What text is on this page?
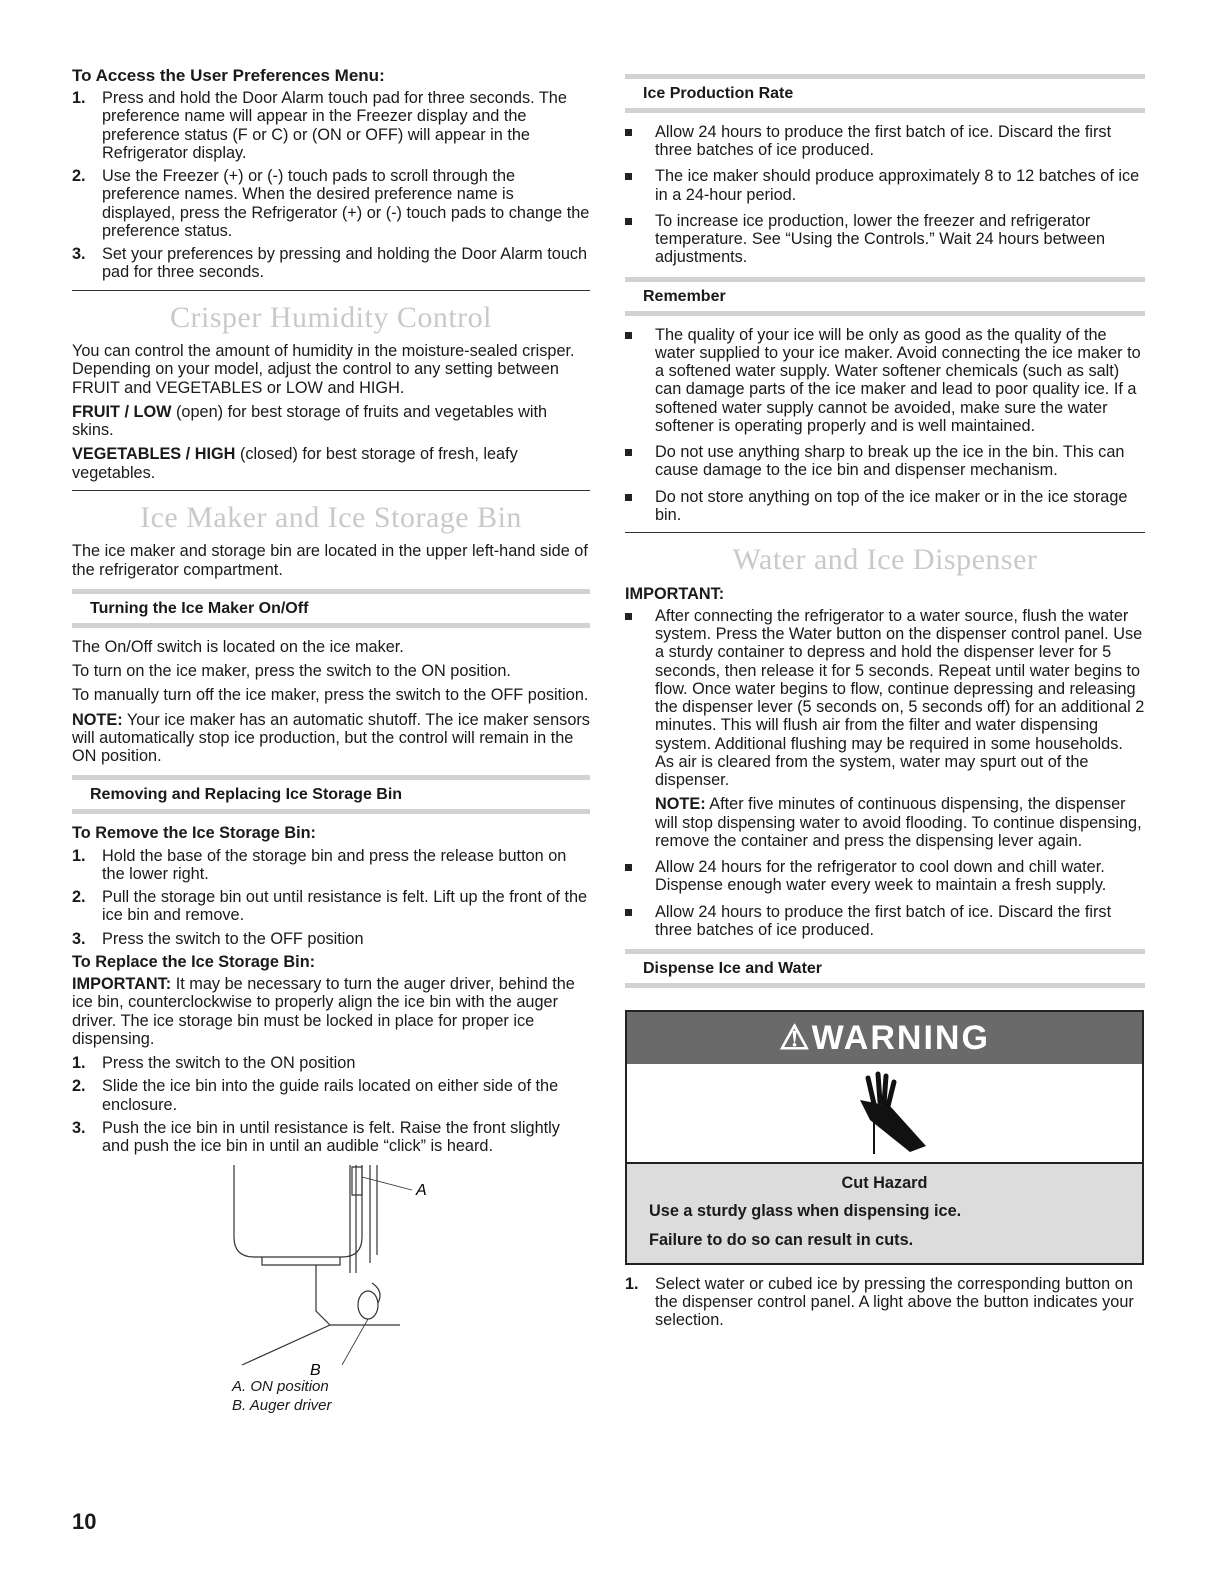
To Access the User Preferences Menu:
1. Press and hold the Door Alarm touch pad for three seconds. The preference name will appear in the Freezer display and the preference status (F or C) or (ON or OFF) will appear in the Refrigerator display.
2. Use the Freezer (+) or (-) touch pads to scroll through the preference names. When the desired preference name is displayed, press the Refrigerator (+) or (-) touch pads to change the preference status.
3. Set your preferences by pressing and holding the Door Alarm touch pad for three seconds.
Crisper Humidity Control

You can control the amount of humidity in the moisture-sealed crisper. Depending on your model, adjust the control to any setting between FRUIT and VEGETABLES or LOW and HIGH.

FRUIT / LOW (open) for best storage of fruits and vegetables with skins.

VEGETABLES / HIGH (closed) for best storage of fresh, leafy vegetables.

Ice Maker and Ice Storage Bin

The ice maker and storage bin are located in the upper left-hand side of the refrigerator compartment.

Turning the Ice Maker On/Off

The On/Off switch is located on the ice maker.

To turn on the ice maker, press the switch to the ON position.

To manually turn off the ice maker, press the switch to the OFF position.

NOTE: Your ice maker has an automatic shutoff. The ice maker sensors will automatically stop ice production, but the control will remain in the ON position.

Removing and Replacing Ice Storage Bin
To Remove the Ice Storage Bin:
1. Hold the base of the storage bin and press the release button on the lower right.
2. Pull the storage bin out until resistance is felt. Lift up the front of the ice bin and remove.
3. Press the switch to the OFF position
To Replace the Ice Storage Bin:

IMPORTANT: It may be necessary to turn the auger driver, behind the ice bin, counterclockwise to properly align the ice bin with the auger driver. The ice storage bin must be locked in place for proper ice dispensing.

1. Press the switch to the ON position
2. Slide the ice bin into the guide rails located on either side of the enclosure.
3. Push the ice bin in until resistance is felt. Raise the front slightly and push the ice bin in until an audible “click” is heard.
A
B
A. ON position
B. Auger driver
Ice Production Rate
Allow 24 hours to produce the first batch of ice. Discard the first three batches of ice produced.
The ice maker should produce approximately 8 to 12 batches of ice in a 24-hour period.
To increase ice production, lower the freezer and refrigerator temperature. See “Using the Controls.” Wait 24 hours between adjustments.
Remember
The quality of your ice will be only as good as the quality of the water supplied to your ice maker. Avoid connecting the ice maker to a softened water supply. Water softener chemicals (such as salt) can damage parts of the ice maker and lead to poor quality ice. If a softened water supply cannot be avoided, make sure the water softener is operating properly and is well maintained.
Do not use anything sharp to break up the ice in the bin. This can cause damage to the ice bin and dispenser mechanism.
Do not store anything on top of the ice maker or in the ice storage bin.
Water and Ice Dispenser
IMPORTANT:
After connecting the refrigerator to a water source, flush the water system. Press the Water button on the dispenser control panel. Use a sturdy container to depress and hold the dispenser lever for 5 seconds, then release it for 5 seconds. Repeat until water begins to flow. Once water begins to flow, continue depressing and releasing the dispenser lever (5 seconds on, 5 seconds off) for an additional 2 minutes. This will flush air from the filter and water dispensing system. Additional flushing may be required in some households. As air is cleared from the system, water may spurt out of the dispenser.

NOTE: After five minutes of continuous dispensing, the dispenser will stop dispensing water to avoid flooding. To continue dispensing, remove the container and press the dispensing lever again.

Allow 24 hours for the refrigerator to cool down and chill water. Dispense enough water every week to maintain a fresh supply.
Allow 24 hours to produce the first batch of ice. Discard the first three batches of ice produced.
Dispense Ice and Water
⚠WARNING
Cut Hazard
Use a sturdy glass when dispensing ice.
Failure to do so can result in cuts.
1. Select water or cubed ice by pressing the corresponding button on the dispenser control panel. A light above the button indicates your selection.
10
